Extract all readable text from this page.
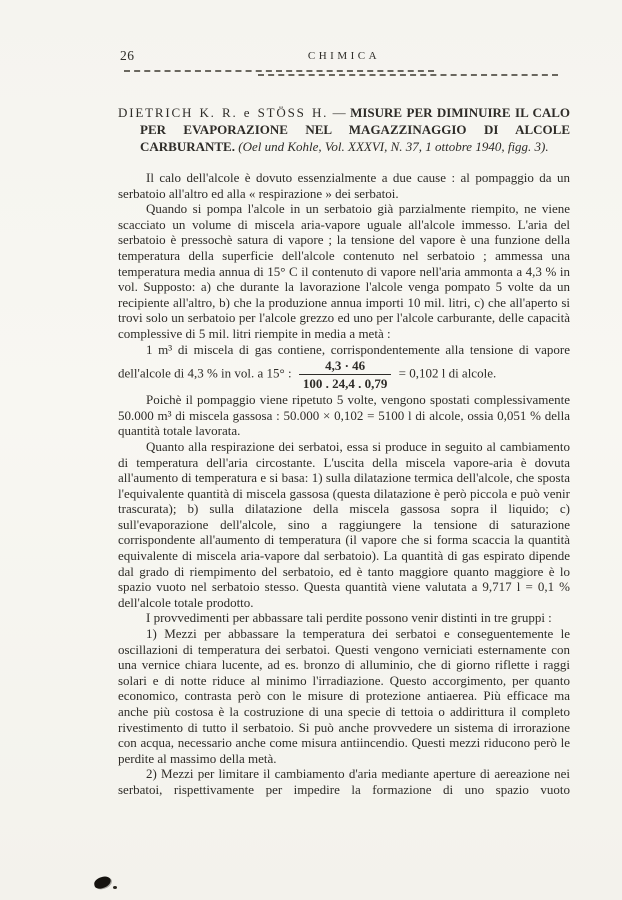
26	CHIMICA

DIETRICH K. R. e STÖSS H. — MISURE PER DIMINUIRE IL CALO PER EVAPORAZIONE NEL MAGAZZINAGGIO DI ALCOLE CARBURANTE. (Oel und Kohle, Vol. XXXVI, N. 37, 1 ottobre 1940, figg. 3).

Il calo dell'alcole è dovuto essenzialmente a due cause : al pompaggio da un serbatoio all'altro ed alla « respirazione » dei serbatoi.

Quando si pompa l'alcole in un serbatoio già parzialmente riempito, ne viene scacciato un volume di miscela aria-vapore uguale all'alcole immesso. L'aria del serbatoio è pressochè satura di vapore ; la tensione del vapore è una funzione della temperatura della superficie dell'alcole contenuto nel serbatoio ; ammessa una temperatura media annua di 15° C il contenuto di vapore nell'aria ammonta a 4,3 % in vol. Supposto: a) che durante la lavorazione l'alcole venga pompato 5 volte da un recipiente all'altro, b) che la produzione annua importi 10 mil. litri, c) che all'aperto si trovi solo un serbatoio per l'alcole grezzo ed uno per l'alcole carburante, delle capacità complessive di 5 mil. litri riempite in media a metà :

1 m³ di miscela di gas contiene, corrispondentemente alla tensione di vapore dell'alcole di 4,3 % in vol. a 15° : $\frac{4,3 \cdot 46}{100 . 24,4 . 0,79} = 0,102$ l di alcole.

Poichè il pompaggio viene ripetuto 5 volte, vengono spostati complessivamente 50.000 m³ di miscela gassosa : 50.000 × 0,102 = 5100 l di alcole, ossia 0,051 % della quantità totale lavorata.

Quanto alla respirazione dei serbatoi, essa si produce in seguito al cambiamento di temperatura dell'aria circostante. L'uscita della miscela vapore-aria è dovuta all'aumento di temperatura e si basa: 1) sulla dilatazione termica dell'alcole, che sposta l'equivalente quantità di miscela gassosa (questa dilatazione è però piccola e può venir trascurata); b) sulla dilatazione della miscela gassosa sopra il liquido; c) sull'evaporazione dell'alcole, sino a raggiungere la tensione di saturazione corrispondente all'aumento di temperatura (il vapore che si forma scaccia la quantità equivalente di miscela aria-vapore dal serbatoio). La quantità di gas espirato dipende dal grado di riempimento del serbatoio, ed è tanto maggiore quanto maggiore è lo spazio vuoto nel serbatoio stesso. Questa quantità viene valutata a 9,717 l = 0,1 % dell'alcole totale prodotto.

I provvedimenti per abbassare tali perdite possono venir distinti in tre gruppi :

1) Mezzi per abbassare la temperatura dei serbatoi e conseguentemente le oscillazioni di temperatura dei serbatoi. Questi vengono verniciati esternamente con una vernice chiara lucente, ad es. bronzo di alluminio, che di giorno riflette i raggi solari e di notte riduce al minimo l'irradiazione. Questo accorgimento, per quanto economico, contrasta però con le misure di protezione antiaerea. Più efficace ma anche più costosa è la costruzione di una specie di tettoia o addirittura il completo rivestimento di tutto il serbatoio. Si può anche provvedere un sistema di irrorazione con acqua, necessario anche come misura antiincendio. Questi mezzi riducono però le perdite al massimo della metà.

2) Mezzi per limitare il cambiamento d'aria mediante aperture di aereazione nei serbatoi, rispettivamente per impedire la formazione di uno spazio vuoto
